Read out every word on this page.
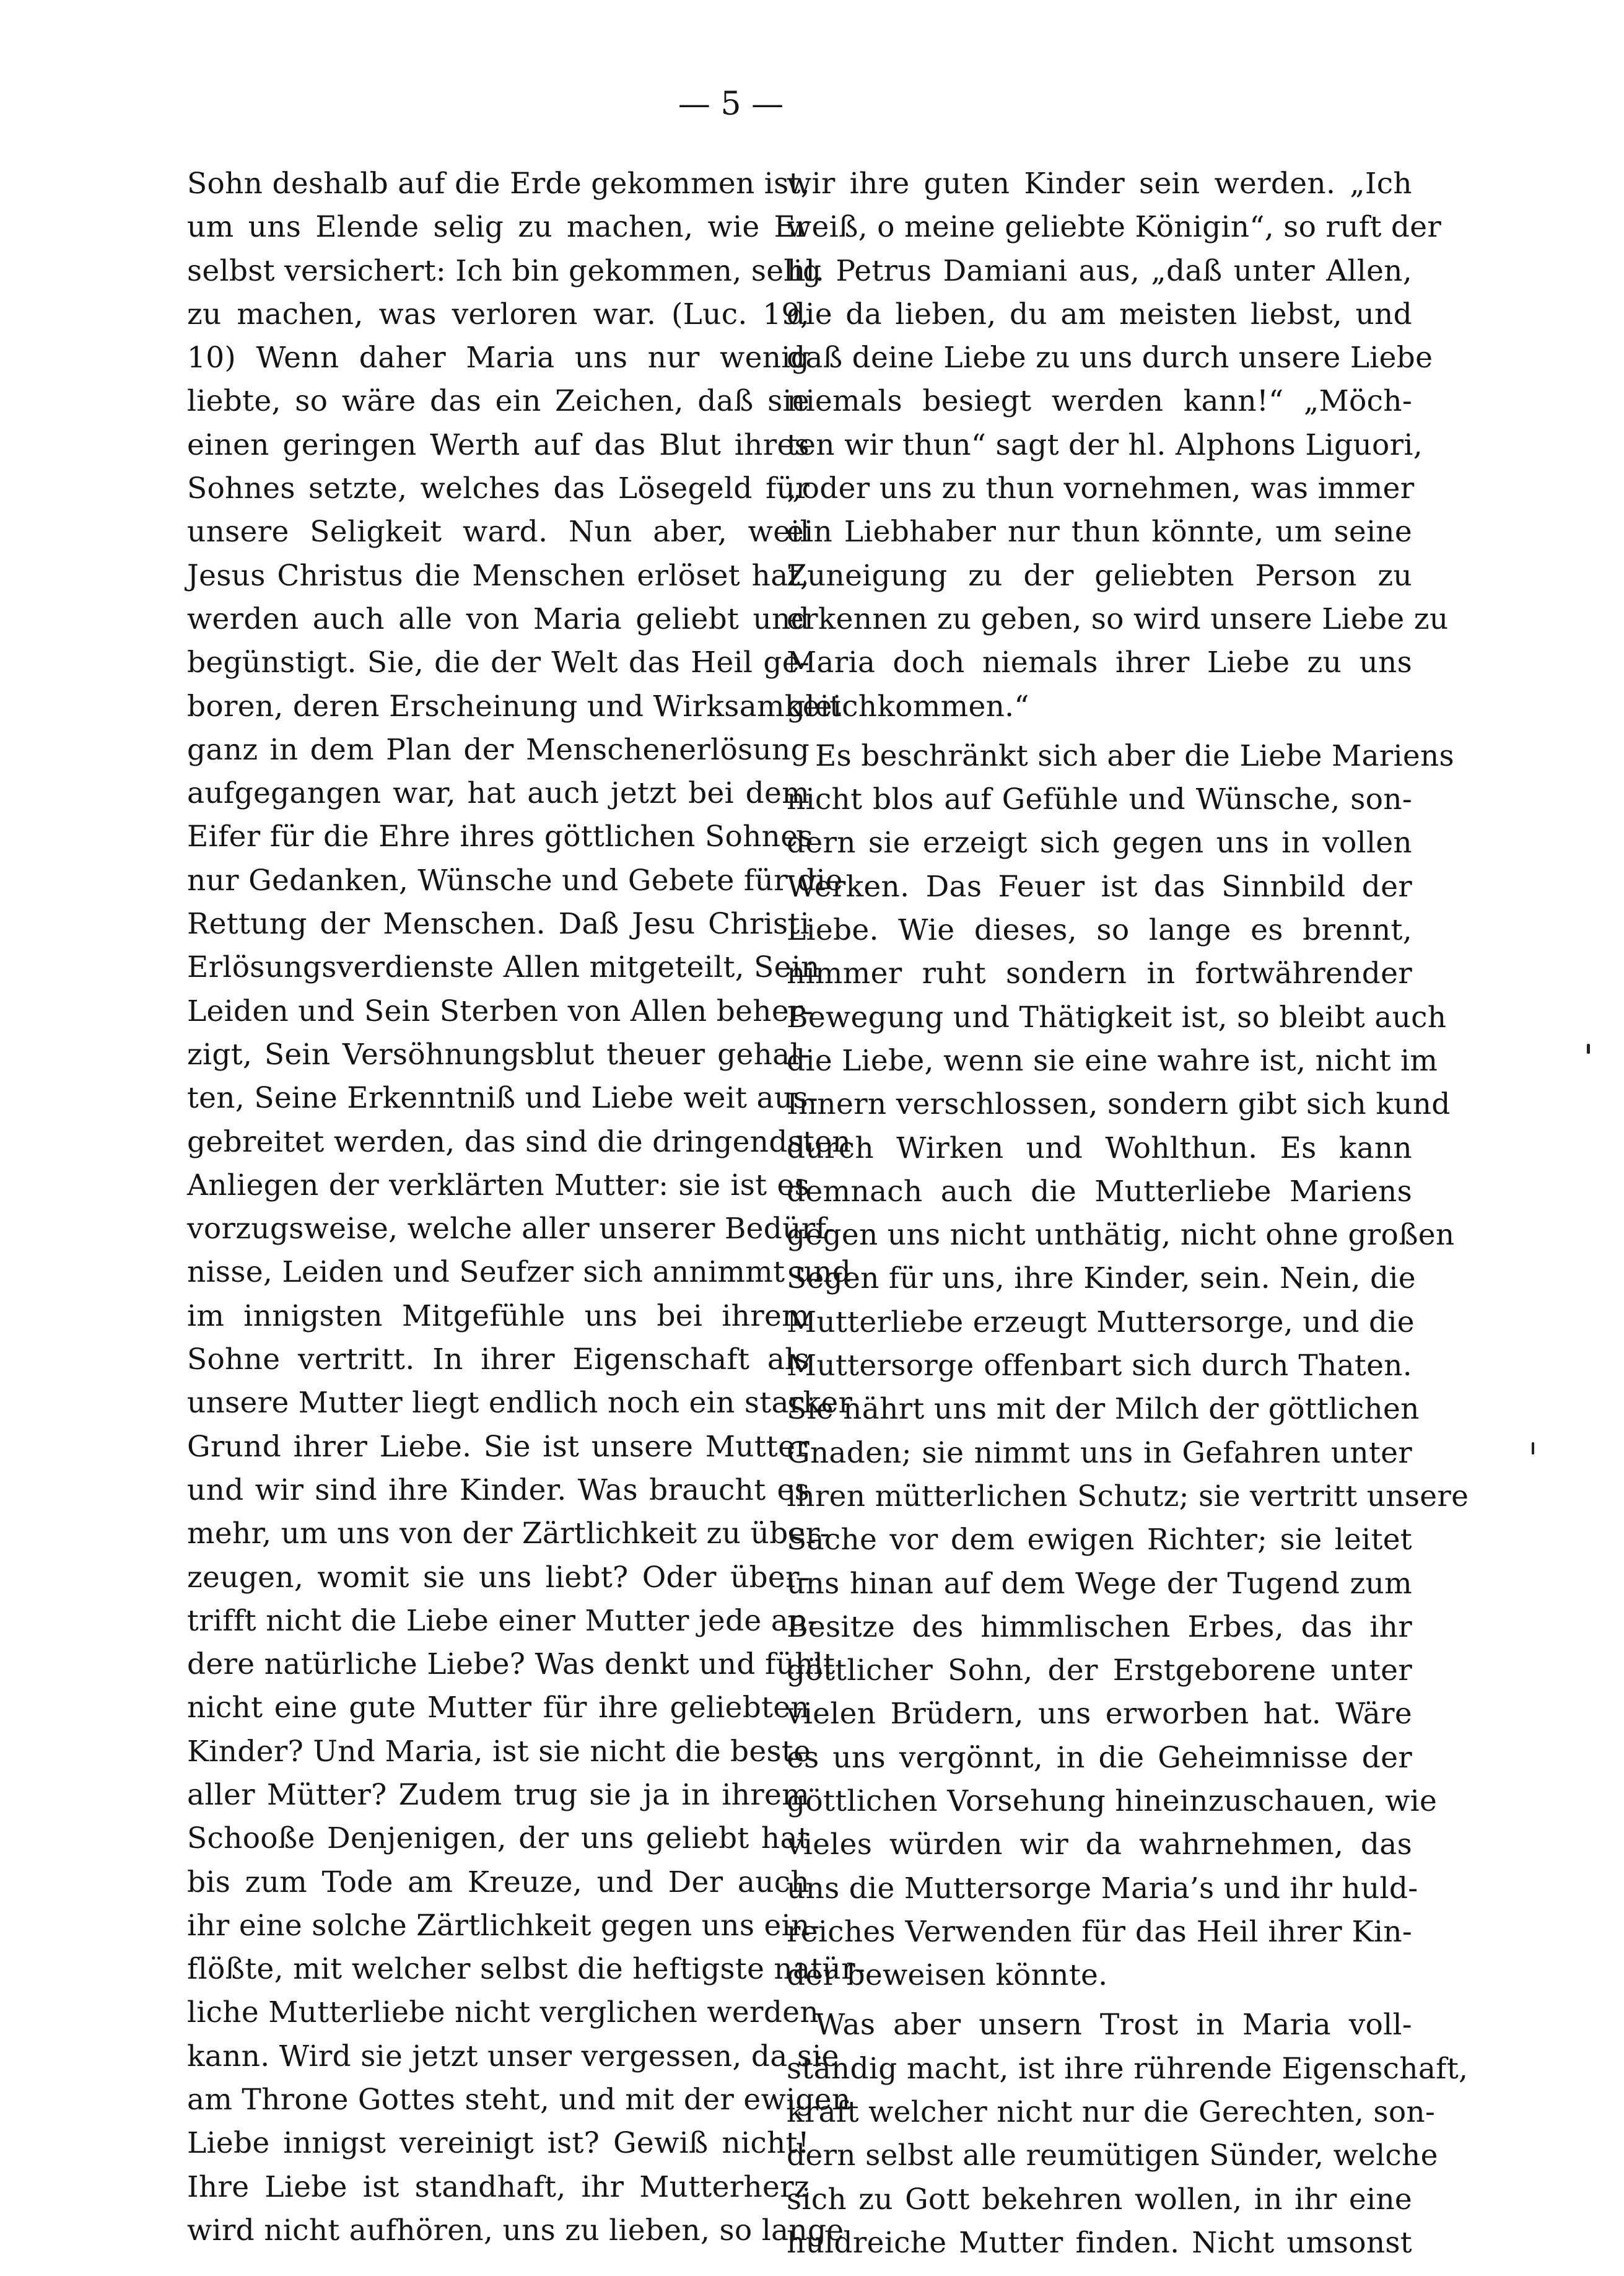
— 5 —
Sohn deshalb auf die Erde gekommen ist,
um uns Elende selig zu machen, wie Er
selbst versichert: Ich bin gekommen, selig
zu machen, was verloren war. (Luc. 19,
10) Wenn daher Maria uns nur wenig
liebte, so wäre das ein Zeichen, daß sie
einen geringen Werth auf das Blut ihres
Sohnes setzte, welches das Lösegeld für
unsere Seligkeit ward. Nun aber, weil
Jesus Christus die Menschen erlöset hat,
werden auch alle von Maria geliebt und
begünstigt. Sie, die der Welt das Heil ge-
boren, deren Erscheinung und Wirksamkeit
ganz in dem Plan der Menschenerlösung
aufgegangen war, hat auch jetzt bei dem
Eifer für die Ehre ihres göttlichen Sohnes
nur Gedanken, Wünsche und Gebete für die
Rettung der Menschen. Daß Jesu Christi
Erlösungsverdienste Allen mitgeteilt, Sein
Leiden und Sein Sterben von Allen beher-
zigt, Sein Versöhnungsblut theuer gehal-
ten, Seine Erkenntniß und Liebe weit aus-
gebreitet werden, das sind die dringendsten
Anliegen der verklärten Mutter: sie ist es
vorzugsweise, welche aller unserer Bedürf-
nisse, Leiden und Seufzer sich annimmt und
im innigsten Mitgefühle uns bei ihrem
Sohne vertritt. In ihrer Eigenschaft als
unsere Mutter liegt endlich noch ein starker
Grund ihrer Liebe. Sie ist unsere Mutter
und wir sind ihre Kinder. Was braucht es
mehr, um uns von der Zärtlichkeit zu über-
zeugen, womit sie uns liebt? Oder über-
trifft nicht die Liebe einer Mutter jede an-
dere natürliche Liebe? Was denkt und fühlt
nicht eine gute Mutter für ihre geliebten
Kinder? Und Maria, ist sie nicht die beste
aller Mütter? Zudem trug sie ja in ihrem
Schooße Denjenigen, der uns geliebt hat
bis zum Tode am Kreuze, und Der auch
ihr eine solche Zärtlichkeit gegen uns ein-
flößte, mit welcher selbst die heftigste natür-
liche Mutterliebe nicht verglichen werden
kann. Wird sie jetzt unser vergessen, da sie
am Throne Gottes steht, und mit der ewigen
Liebe innigst vereinigt ist? Gewiß nicht!
Ihre Liebe ist standhaft, ihr Mutterherz
wird nicht aufhören, uns zu lieben, so lange
wir ihre guten Kinder sein werden. „Ich
weiß, o meine geliebte Königin“, so ruft der
hl. Petrus Damiani aus, „daß unter Allen,
die da lieben, du am meisten liebst, und
daß deine Liebe zu uns durch unsere Liebe
niemals besiegt werden kann!“ „Möch-
ten wir thun“ sagt der hl. Alphons Liguori,
„oder uns zu thun vornehmen, was immer
ein Liebhaber nur thun könnte, um seine
Zuneigung zu der geliebten Person zu
erkennen zu geben, so wird unsere Liebe zu
Maria doch niemals ihrer Liebe zu uns
gleichkommen.“
Es beschränkt sich aber die Liebe Mariens
nicht blos auf Gefühle und Wünsche, son-
dern sie erzeigt sich gegen uns in vollen
Werken. Das Feuer ist das Sinnbild der
Liebe. Wie dieses, so lange es brennt,
nimmer ruht sondern in fortwährender
Bewegung und Thätigkeit ist, so bleibt auch
die Liebe, wenn sie eine wahre ist, nicht im
Innern verschlossen, sondern gibt sich kund
durch Wirken und Wohlthun. Es kann
demnach auch die Mutterliebe Mariens
gegen uns nicht unthätig, nicht ohne großen
Segen für uns, ihre Kinder, sein. Nein, die
Mutterliebe erzeugt Muttersorge, und die
Muttersorge offenbart sich durch Thaten.
Sie nährt uns mit der Milch der göttlichen
Gnaden; sie nimmt uns in Gefahren unter
ihren mütterlichen Schutz; sie vertritt unsere
Sache vor dem ewigen Richter; sie leitet
uns hinan auf dem Wege der Tugend zum
Besitze des himmlischen Erbes, das ihr
göttlicher Sohn, der Erstgeborene unter
vielen Brüdern, uns erworben hat. Wäre
es uns vergönnt, in die Geheimnisse der
göttlichen Vorsehung hineinzuschauen, wie
vieles würden wir da wahrnehmen, das
uns die Muttersorge Maria’s und ihr huld-
reiches Verwenden für das Heil ihrer Kin-
der beweisen könnte.
Was aber unsern Trost in Maria voll-
ständig macht, ist ihre rührende Eigenschaft,
kraft welcher nicht nur die Gerechten, son-
dern selbst alle reumütigen Sünder, welche
sich zu Gott bekehren wollen, in ihr eine
huldreiche Mutter finden. Nicht umsonst
